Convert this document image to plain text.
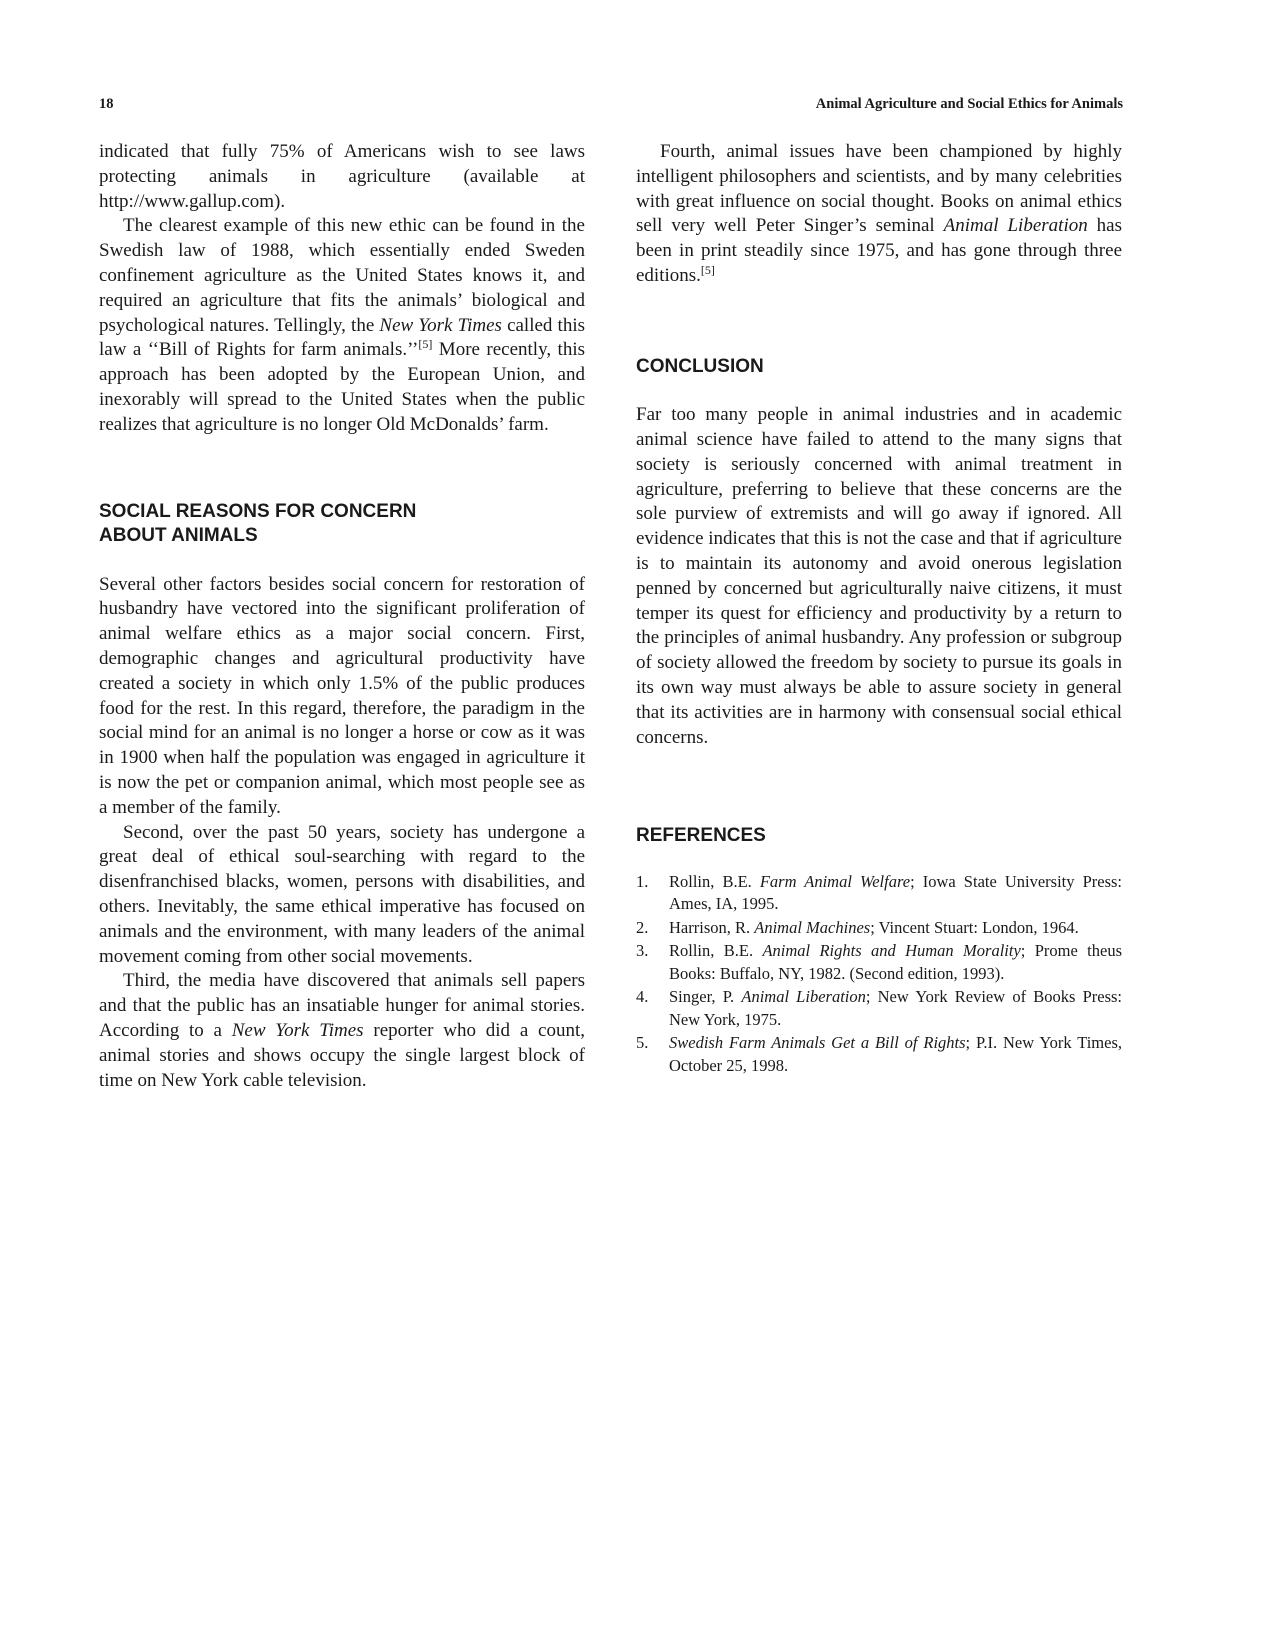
18	Animal Agriculture and Social Ethics for Animals

indicated that fully 75% of Americans wish to see laws protecting animals in agriculture (available at http://www.gallup.com).

The clearest example of this new ethic can be found in the Swedish law of 1988, which essentially ended Sweden confinement agriculture as the United States knows it, and required an agriculture that fits the animals’ biological and psychological natures. Tellingly, the New York Times called this law a ‘‘Bill of Rights for farm animals.’’[5] More recently, this approach has been adopted by the European Union, and inexorably will spread to the United States when the public realizes that agriculture is no longer Old McDonalds’ farm.

SOCIAL REASONS FOR CONCERN
ABOUT ANIMALS

Several other factors besides social concern for restoration of husbandry have vectored into the significant proliferation of animal welfare ethics as a major social concern. First, demographic changes and agricultural productivity have created a society in which only 1.5% of the public produces food for the rest. In this regard, therefore, the paradigm in the social mind for an animal is no longer a horse or cow as it was in 1900 when half the population was engaged in agriculture it is now the pet or companion animal, which most people see as a member of the family.

Second, over the past 50 years, society has undergone a great deal of ethical soul-searching with regard to the disenfranchised blacks, women, persons with disabilities, and others. Inevitably, the same ethical imperative has focused on animals and the environment, with many leaders of the animal movement coming from other social movements.

Third, the media have discovered that animals sell papers and that the public has an insatiable hunger for animal stories. According to a New York Times reporter who did a count, animal stories and shows occupy the single largest block of time on New York cable television.

Fourth, animal issues have been championed by highly intelligent philosophers and scientists, and by many celebrities with great influence on social thought. Books on animal ethics sell very well Peter Singer’s seminal Animal Liberation has been in print steadily since 1975, and has gone through three editions.[5]

CONCLUSION

Far too many people in animal industries and in academic animal science have failed to attend to the many signs that society is seriously concerned with animal treatment in agriculture, preferring to believe that these concerns are the sole purview of extremists and will go away if ignored. All evidence indicates that this is not the case and that if agriculture is to maintain its autonomy and avoid onerous legislation penned by concerned but agriculturally naive citizens, it must temper its quest for efficiency and productivity by a return to the principles of animal husbandry. Any profession or subgroup of society allowed the freedom by society to pursue its goals in its own way must always be able to assure society in general that its activities are in harmony with consensual social ethical concerns.

REFERENCES
1.	Rollin, B.E. Farm Animal Welfare; Iowa State University Press: Ames, IA, 1995.
2.	Harrison, R. Animal Machines; Vincent Stuart: London, 1964.
3.	Rollin, B.E. Animal Rights and Human Morality; Prome theus Books: Buffalo, NY, 1982. (Second edition, 1993).
4.	Singer, P. Animal Liberation; New York Review of Books Press: New York, 1975.
5.	Swedish Farm Animals Get a Bill of Rights; P.I. New York Times, October 25, 1998.
